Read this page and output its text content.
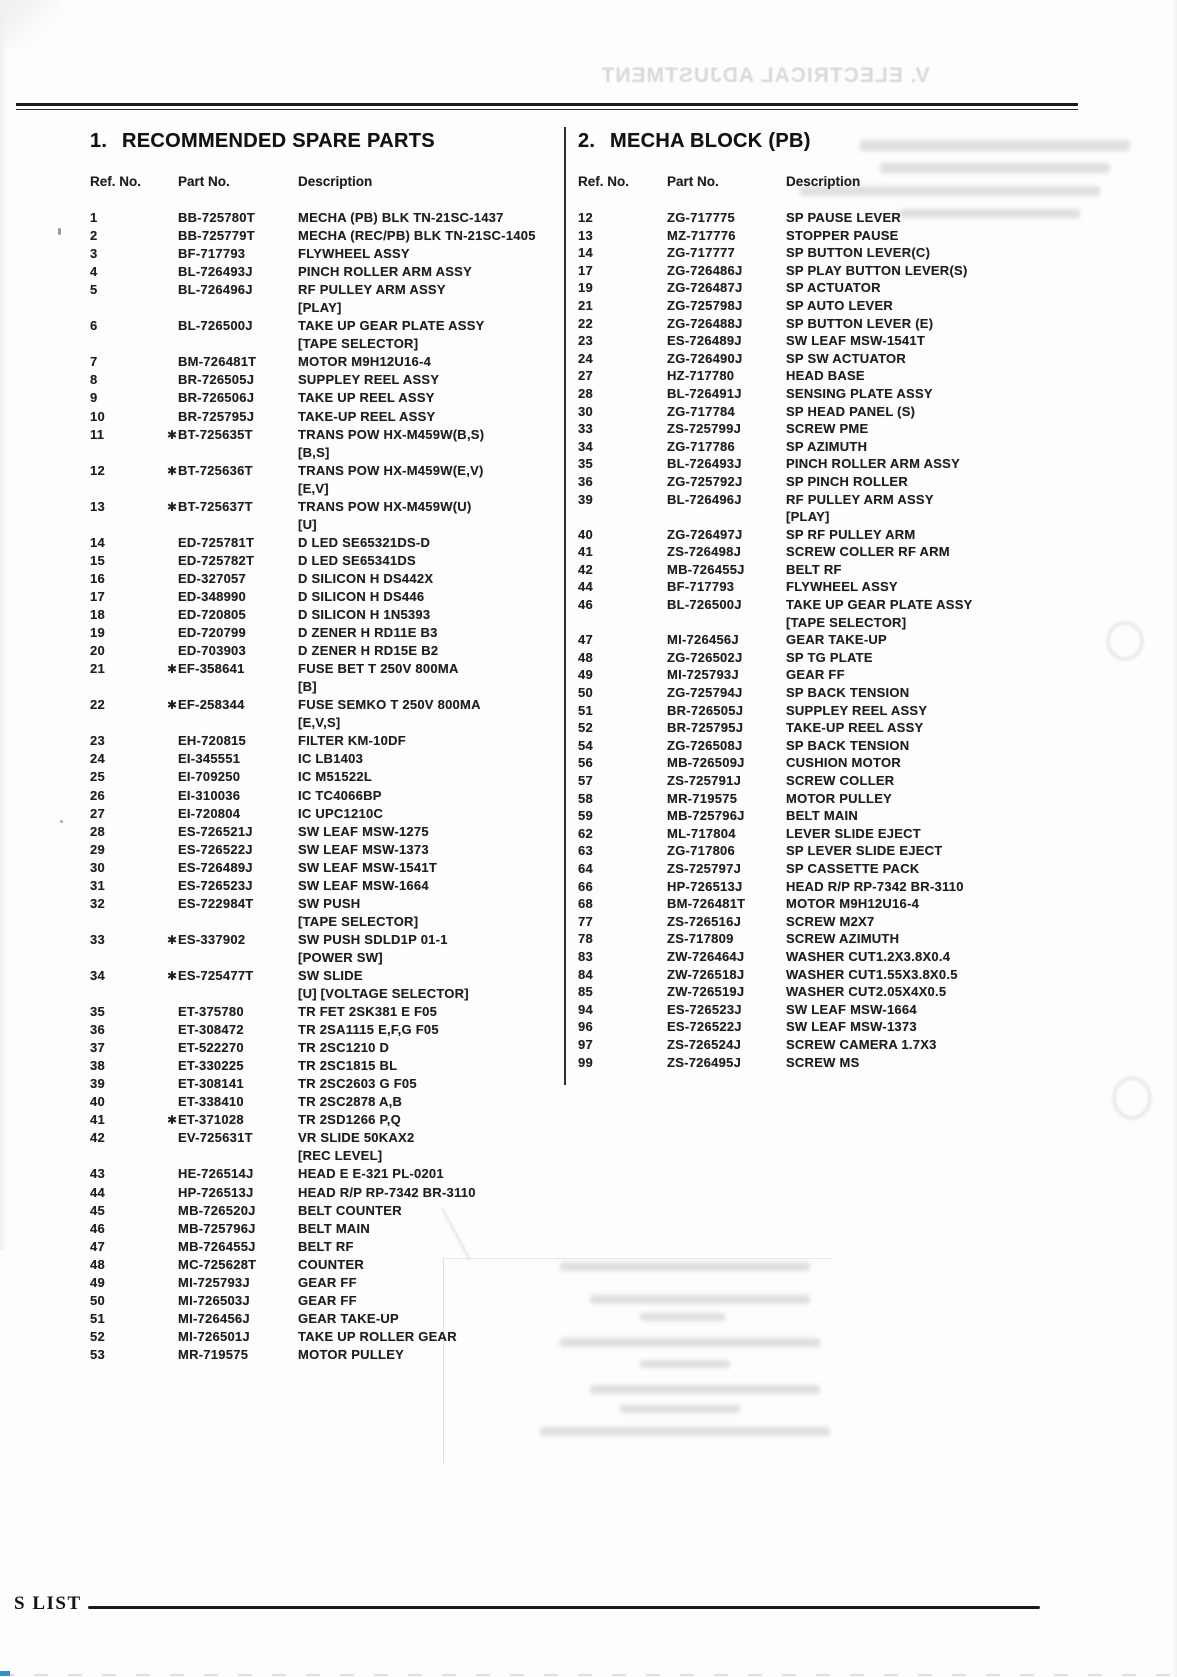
V. ELECTRICAL ADJUSTMENT
1. RECOMMENDED SPARE PARTS
Ref. No.	Part No.	Description
1	BB-725780T	MECHA (PB) BLK TN-21SC-1437
2	BB-725779T	MECHA (REC/PB) BLK TN-21SC-1405
3	BF-717793	FLYWHEEL ASSY
4	BL-726493J	PINCH ROLLER ARM ASSY
5	BL-726496J	RF PULLEY ARM ASSY
[PLAY]
6	BL-726500J	TAKE UP GEAR PLATE ASSY
[TAPE SELECTOR]
7	BM-726481T	MOTOR M9H12U16-4
8	BR-726505J	SUPPLEY REEL ASSY
9	BR-726506J	TAKE UP REEL ASSY
10	BR-725795J	TAKE-UP REEL ASSY
11	✱BT-725635T	TRANS POW HX-M459W(B,S)
[B,S]
12	✱BT-725636T	TRANS POW HX-M459W(E,V)
[E,V]
13	✱BT-725637T	TRANS POW HX-M459W(U)
[U]
14	ED-725781T	D LED SE65321DS-D
15	ED-725782T	D LED SE65341DS
16	ED-327057	D SILICON H DS442X
17	ED-348990	D SILICON H DS446
18	ED-720805	D SILICON H 1N5393
19	ED-720799	D ZENER H RD11E B3
20	ED-703903	D ZENER H RD15E B2
21	✱EF-358641	FUSE BET T 250V 800MA
[B]
22	✱EF-258344	FUSE SEMKO T 250V 800MA
[E,V,S]
23	EH-720815	FILTER KM-10DF
24	EI-345551	IC LB1403
25	EI-709250	IC M51522L
26	EI-310036	IC TC4066BP
27	EI-720804	IC UPC1210C
28	ES-726521J	SW LEAF MSW-1275
29	ES-726522J	SW LEAF MSW-1373
30	ES-726489J	SW LEAF MSW-1541T
31	ES-726523J	SW LEAF MSW-1664
32	ES-722984T	SW PUSH
[TAPE SELECTOR]
33	✱ES-337902	SW PUSH SDLD1P 01-1
[POWER SW]
34	✱ES-725477T	SW SLIDE
[U] [VOLTAGE SELECTOR]
35	ET-375780	TR FET 2SK381 E F05
36	ET-308472	TR 2SA1115 E,F,G F05
37	ET-522270	TR 2SC1210 D
38	ET-330225	TR 2SC1815 BL
39	ET-308141	TR 2SC2603 G F05
40	ET-338410	TR 2SC2878 A,B
41	✱ET-371028	TR 2SD1266 P,Q
42	EV-725631T	VR SLIDE 50KAX2
[REC LEVEL]
43	HE-726514J	HEAD E E-321 PL-0201
44	HP-726513J	HEAD R/P RP-7342 BR-3110
45	MB-726520J	BELT COUNTER
46	MB-725796J	BELT MAIN
47	MB-726455J	BELT RF
48	MC-725628T	COUNTER
49	MI-725793J	GEAR FF
50	MI-726503J	GEAR FF
51	MI-726456J	GEAR TAKE-UP
52	MI-726501J	TAKE UP ROLLER GEAR
53	MR-719575	MOTOR PULLEY
2. MECHA BLOCK (PB)
Ref. No.	Part No.	Description
12	ZG-717775	SP PAUSE LEVER
13	MZ-717776	STOPPER PAUSE
14	ZG-717777	SP BUTTON LEVER(C)
17	ZG-726486J	SP PLAY BUTTON LEVER(S)
19	ZG-726487J	SP ACTUATOR
21	ZG-725798J	SP AUTO LEVER
22	ZG-726488J	SP BUTTON LEVER (E)
23	ES-726489J	SW LEAF MSW-1541T
24	ZG-726490J	SP SW ACTUATOR
27	HZ-717780	HEAD BASE
28	BL-726491J	SENSING PLATE ASSY
30	ZG-717784	SP HEAD PANEL (S)
33	ZS-725799J	SCREW PME
34	ZG-717786	SP AZIMUTH
35	BL-726493J	PINCH ROLLER ARM ASSY
36	ZG-725792J	SP PINCH ROLLER
39	BL-726496J	RF PULLEY ARM ASSY
[PLAY]
40	ZG-726497J	SP RF PULLEY ARM
41	ZS-726498J	SCREW COLLER RF ARM
42	MB-726455J	BELT RF
44	BF-717793	FLYWHEEL ASSY
46	BL-726500J	TAKE UP GEAR PLATE ASSY
[TAPE SELECTOR]
47	MI-726456J	GEAR TAKE-UP
48	ZG-726502J	SP TG PLATE
49	MI-725793J	GEAR FF
50	ZG-725794J	SP BACK TENSION
51	BR-726505J	SUPPLEY REEL ASSY
52	BR-725795J	TAKE-UP REEL ASSY
54	ZG-726508J	SP BACK TENSION
56	MB-726509J	CUSHION MOTOR
57	ZS-725791J	SCREW COLLER
58	MR-719575	MOTOR PULLEY
59	MB-725796J	BELT MAIN
62	ML-717804	LEVER SLIDE EJECT
63	ZG-717806	SP LEVER SLIDE EJECT
64	ZS-725797J	SP CASSETTE PACK
66	HP-726513J	HEAD R/P RP-7342 BR-3110
68	BM-726481T	MOTOR M9H12U16-4
77	ZS-726516J	SCREW M2X7
78	ZS-717809	SCREW AZIMUTH
83	ZW-726464J	WASHER CUT1.2X3.8X0.4
84	ZW-726518J	WASHER CUT1.55X3.8X0.5
85	ZW-726519J	WASHER CUT2.05X4X0.5
94	ES-726523J	SW LEAF MSW-1664
96	ES-726522J	SW LEAF MSW-1373
97	ZS-726524J	SCREW CAMERA 1.7X3
99	ZS-726495J	SCREW MS
S LIST
